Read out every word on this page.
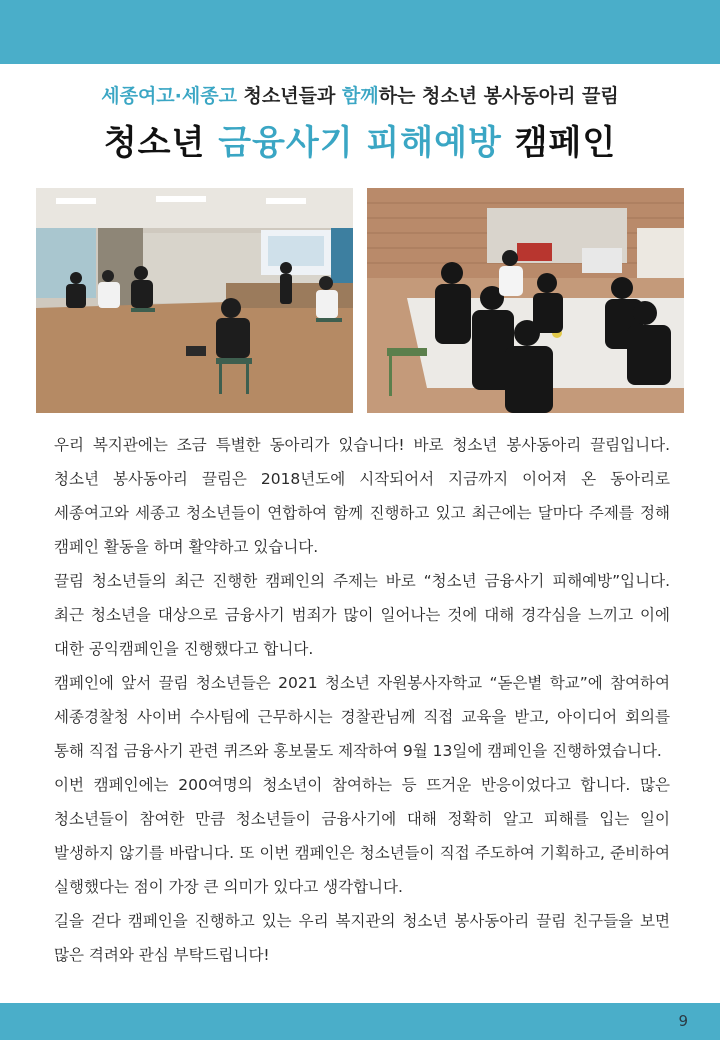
세종여고·세종고 청소년들과 함께하는 청소년 봉사동아리 끌림
청소년 금융사기 피해예방 캠페인

우리 복지관에는 조금 특별한 동아리가 있습니다! 바로 청소년 봉사동아리 끌림입니다. 청소년 봉사동아리 끌림은 2018년도에 시작되어서 지금까지 이어져 온 동아리로 세종여고와 세종고 청소년들이 연합하여 함께 진행하고 있고 최근에는 달마다 주제를 정해 캠페인 활동을 하며 활약하고 있습니다.

끌림 청소년들의 최근 진행한 캠페인의 주제는 바로 “청소년 금융사기 피해예방”입니다. 최근 청소년을 대상으로 금융사기 범죄가 많이 일어나는 것에 대해 경각심을 느끼고 이에 대한 공익캠페인을 진행했다고 합니다.

캠페인에 앞서 끌림 청소년들은 2021 청소년 자원봉사자학교 “돋은볕 학교”에 참여하여 세종경찰청 사이버 수사팀에 근무하시는 경찰관님께 직접 교육을 받고, 아이디어 회의를 통해 직접 금융사기 관련 퀴즈와 홍보물도 제작하여 9월 13일에 캠페인을 진행하였습니다.

이번 캠페인에는 200여명의 청소년이 참여하는 등 뜨거운 반응이었다고 합니다. 많은 청소년들이 참여한 만큼 청소년들이 금융사기에 대해 정확히 알고 피해를 입는 일이 발생하지 않기를 바랍니다. 또 이번 캠페인은 청소년들이 직접 주도하여 기획하고, 준비하여 실행했다는 점이 가장 큰 의미가 있다고 생각합니다.

길을 걷다 캠페인을 진행하고 있는 우리 복지관의 청소년 봉사동아리 끌림 친구들을 보면 많은 격려와 관심 부탁드립니다!

9
